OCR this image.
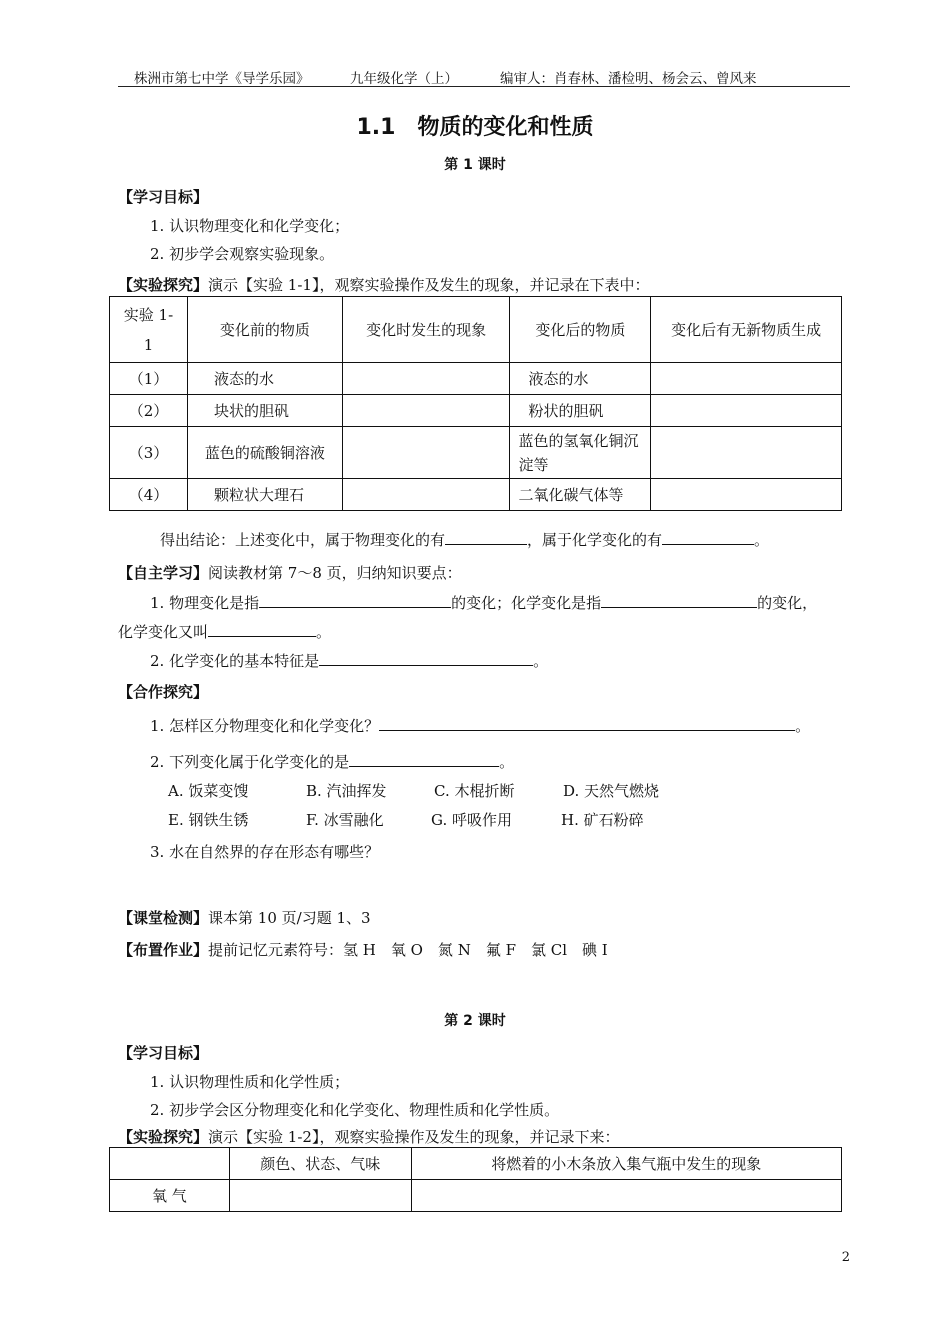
株洲市第七中学《导学乐园》	九年级化学（上）	编审人：肖春林、潘检明、杨会云、曾风来
1.1　物质的变化和性质
第 1 课时
【学习目标】
1. 认识物理变化和化学变化；
2. 初步学会观察实验现象。
【实验探究】演示【实验 1-1】，观察实验操作及发生的现象，并记录在下表中：
实验 1-1	变化前的物质	变化时发生的现象	变化后的物质	变化后有无新物质生成
（1）	液态的水		液态的水	
（2）	块状的胆矾		粉状的胆矾	
（3）	蓝色的硫酸铜溶液		蓝色的氢氧化铜沉淀等	
（4）	颗粒状大理石		二氧化碳气体等	
得出结论：上述变化中，属于物理变化的有	，属于化学变化的有	。
【自主学习】阅读教材第 7～8 页，归纳知识要点：
1. 物理变化是指	的变化；化学变化是指	的变化，
化学变化又叫	。
2. 化学变化的基本特征是	。
【合作探究】
1. 怎样区分物理变化和化学变化？	。
2. 下列变化属于化学变化的是	。
A. 饭菜变馊	B. 汽油挥发	C. 木棍折断	D. 天然气燃烧
E. 钢铁生锈	F. 冰雪融化	G. 呼吸作用	H. 矿石粉碎
3. 水在自然界的存在形态有哪些？
【课堂检测】课本第 10 页/习题 1、3
【布置作业】提前记忆元素符号：氢 H　氧 O　氮 N　氟 F　氯 Cl　碘 I
第 2 课时
【学习目标】
1. 认识物理性质和化学性质；
2. 初步学会区分物理变化和化学变化、物理性质和化学性质。
【实验探究】演示【实验 1-2】，观察实验操作及发生的现象，并记录下来：
	颜色、状态、气味	将燃着的小木条放入集气瓶中发生的现象
氧 气		
2
